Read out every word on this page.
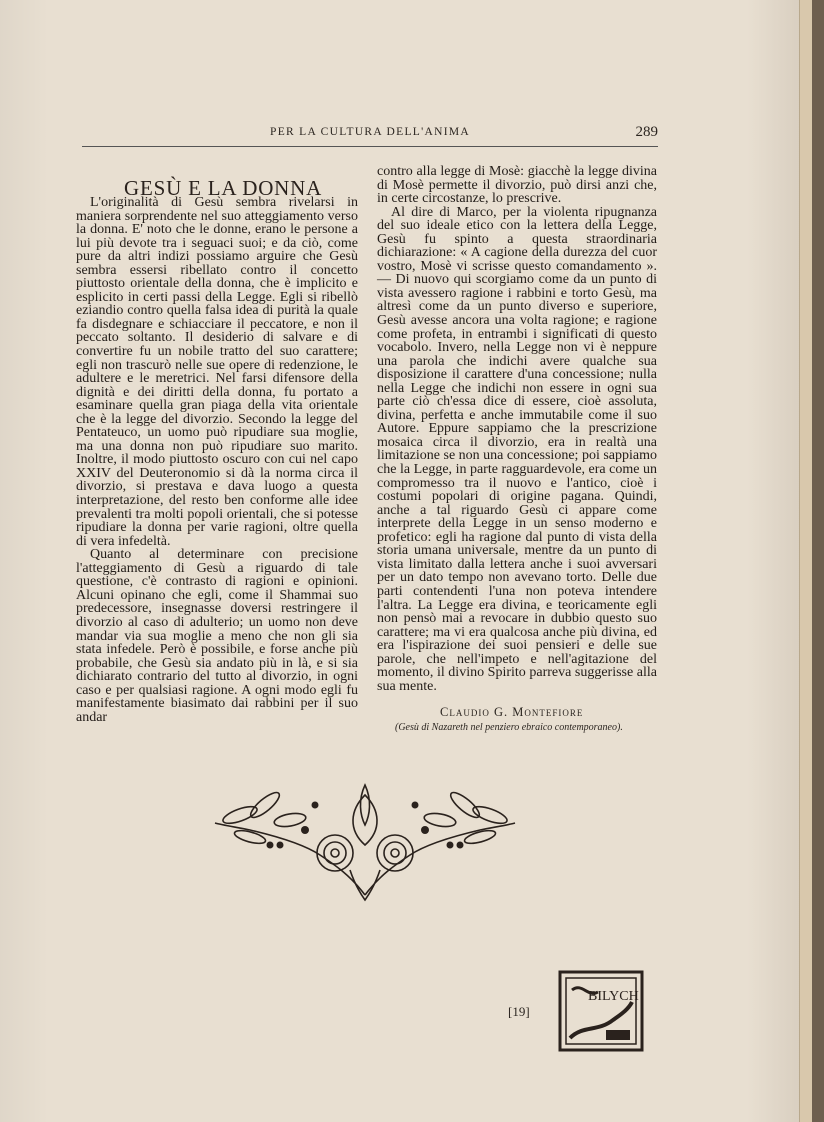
PER LA CULTURA DELL'ANIMA	289
GESÙ E LA DONNA

L'originalità di Gesù sembra rivelarsi in maniera sorprendente nel suo atteggiamento verso la donna. E' noto che le donne, erano le persone a lui più devote tra i seguaci suoi; e da ciò, come pure da altri indizi possiamo arguire che Gesù sembra essersi ribellato contro il concetto piuttosto orientale della donna, che è implicito e esplicito in certi passi della Legge. Egli si ribellò eziandio contro quella falsa idea di purità la quale fa disdegnare e schiacciare il peccatore, e non il peccato soltanto. Il desiderio di salvare e di convertire fu un nobile tratto del suo carattere; egli non trascurò nelle sue opere di redenzione, le adultere e le meretrici. Nel farsi difensore della dignità e dei diritti della donna, fu portato a esaminare quella gran piaga della vita orientale che è la legge del divorzio. Secondo la legge del Pentateuco, un uomo può ripudiare sua moglie, ma una donna non può ripudiare suo marito. Inoltre, il modo piuttosto oscuro con cui nel capo XXIV del Deuteronomio si dà la norma circa il divorzio, si prestava e dava luogo a questa interpretazione, del resto ben conforme alle idee prevalenti tra molti popoli orientali, che si potesse ripudiare la donna per varie ragioni, oltre quella di vera infedeltà.

Quanto al determinare con precisione l'atteggiamento di Gesù a riguardo di tale questione, c'è contrasto di ragioni e opinioni. Alcuni opinano che egli, come il Shammai suo predecessore, insegnasse doversi restringere il divorzio al caso di adulterio; un uomo non deve mandar via sua moglie a meno che non gli sia stata infedele. Però è possibile, e forse anche più probabile, che Gesù sia andato più in là, e si sia dichiarato contrario del tutto al divorzio, in ogni caso e per qualsiasi ragione. A ogni modo egli fu manifestamente biasimato dai rabbini per il suo andar

contro alla legge di Mosè: giacchè la legge divina di Mosè permette il divorzio, può dirsi anzi che, in certe circostanze, lo prescrive.

Al dire di Marco, per la violenta ripugnanza del suo ideale etico con la lettera della Legge, Gesù fu spinto a questa straordinaria dichiarazione: « A cagione della durezza del cuor vostro, Mosè vi scrisse questo comandamento ». — Di nuovo qui scorgiamo come da un punto di vista avessero ragione i rabbini e torto Gesù, ma altresì come da un punto diverso e superiore, Gesù avesse ancora una volta ragione; e ragione come profeta, in entrambi i significati di questo vocabolo. Invero, nella Legge non vi è neppure una parola che indichi avere qualche sua disposizione il carattere d'una concessione; nulla nella Legge che indichi non essere in ogni sua parte ciò ch'essa dice di essere, cioè assoluta, divina, perfetta e anche immutabile come il suo Autore. Eppure sappiamo che la prescrizione mosaica circa il divorzio, era in realtà una limitazione se non una concessione; poi sappiamo che la Legge, in parte ragguardevole, era come un compromesso tra il nuovo e l'antico, cioè i costumi popolari di origine pagana. Quindi, anche a tal riguardo Gesù ci appare come interprete della Legge in un senso moderno e profetico: egli ha ragione dal punto di vista della storia umana universale, mentre da un punto di vista limitato dalla lettera anche i suoi avversari per un dato tempo non avevano torto. Delle due parti contendenti l'una non poteva intendere l'altra. La Legge era divina, e teoricamente egli non pensò mai a revocare in dubbio questo suo carattere; ma vi era qualcosa anche più divina, ed era l'ispirazione dei suoi pensieri e delle sue parole, che nell'impeto e nell'agitazione del momento, il divino Spirito parreva suggerisse alla sua mente.

Claudio G. Montefiore
(Gesù di Nazareth nel penziero ebraico contemporaneo).
[19]
BILYCH
